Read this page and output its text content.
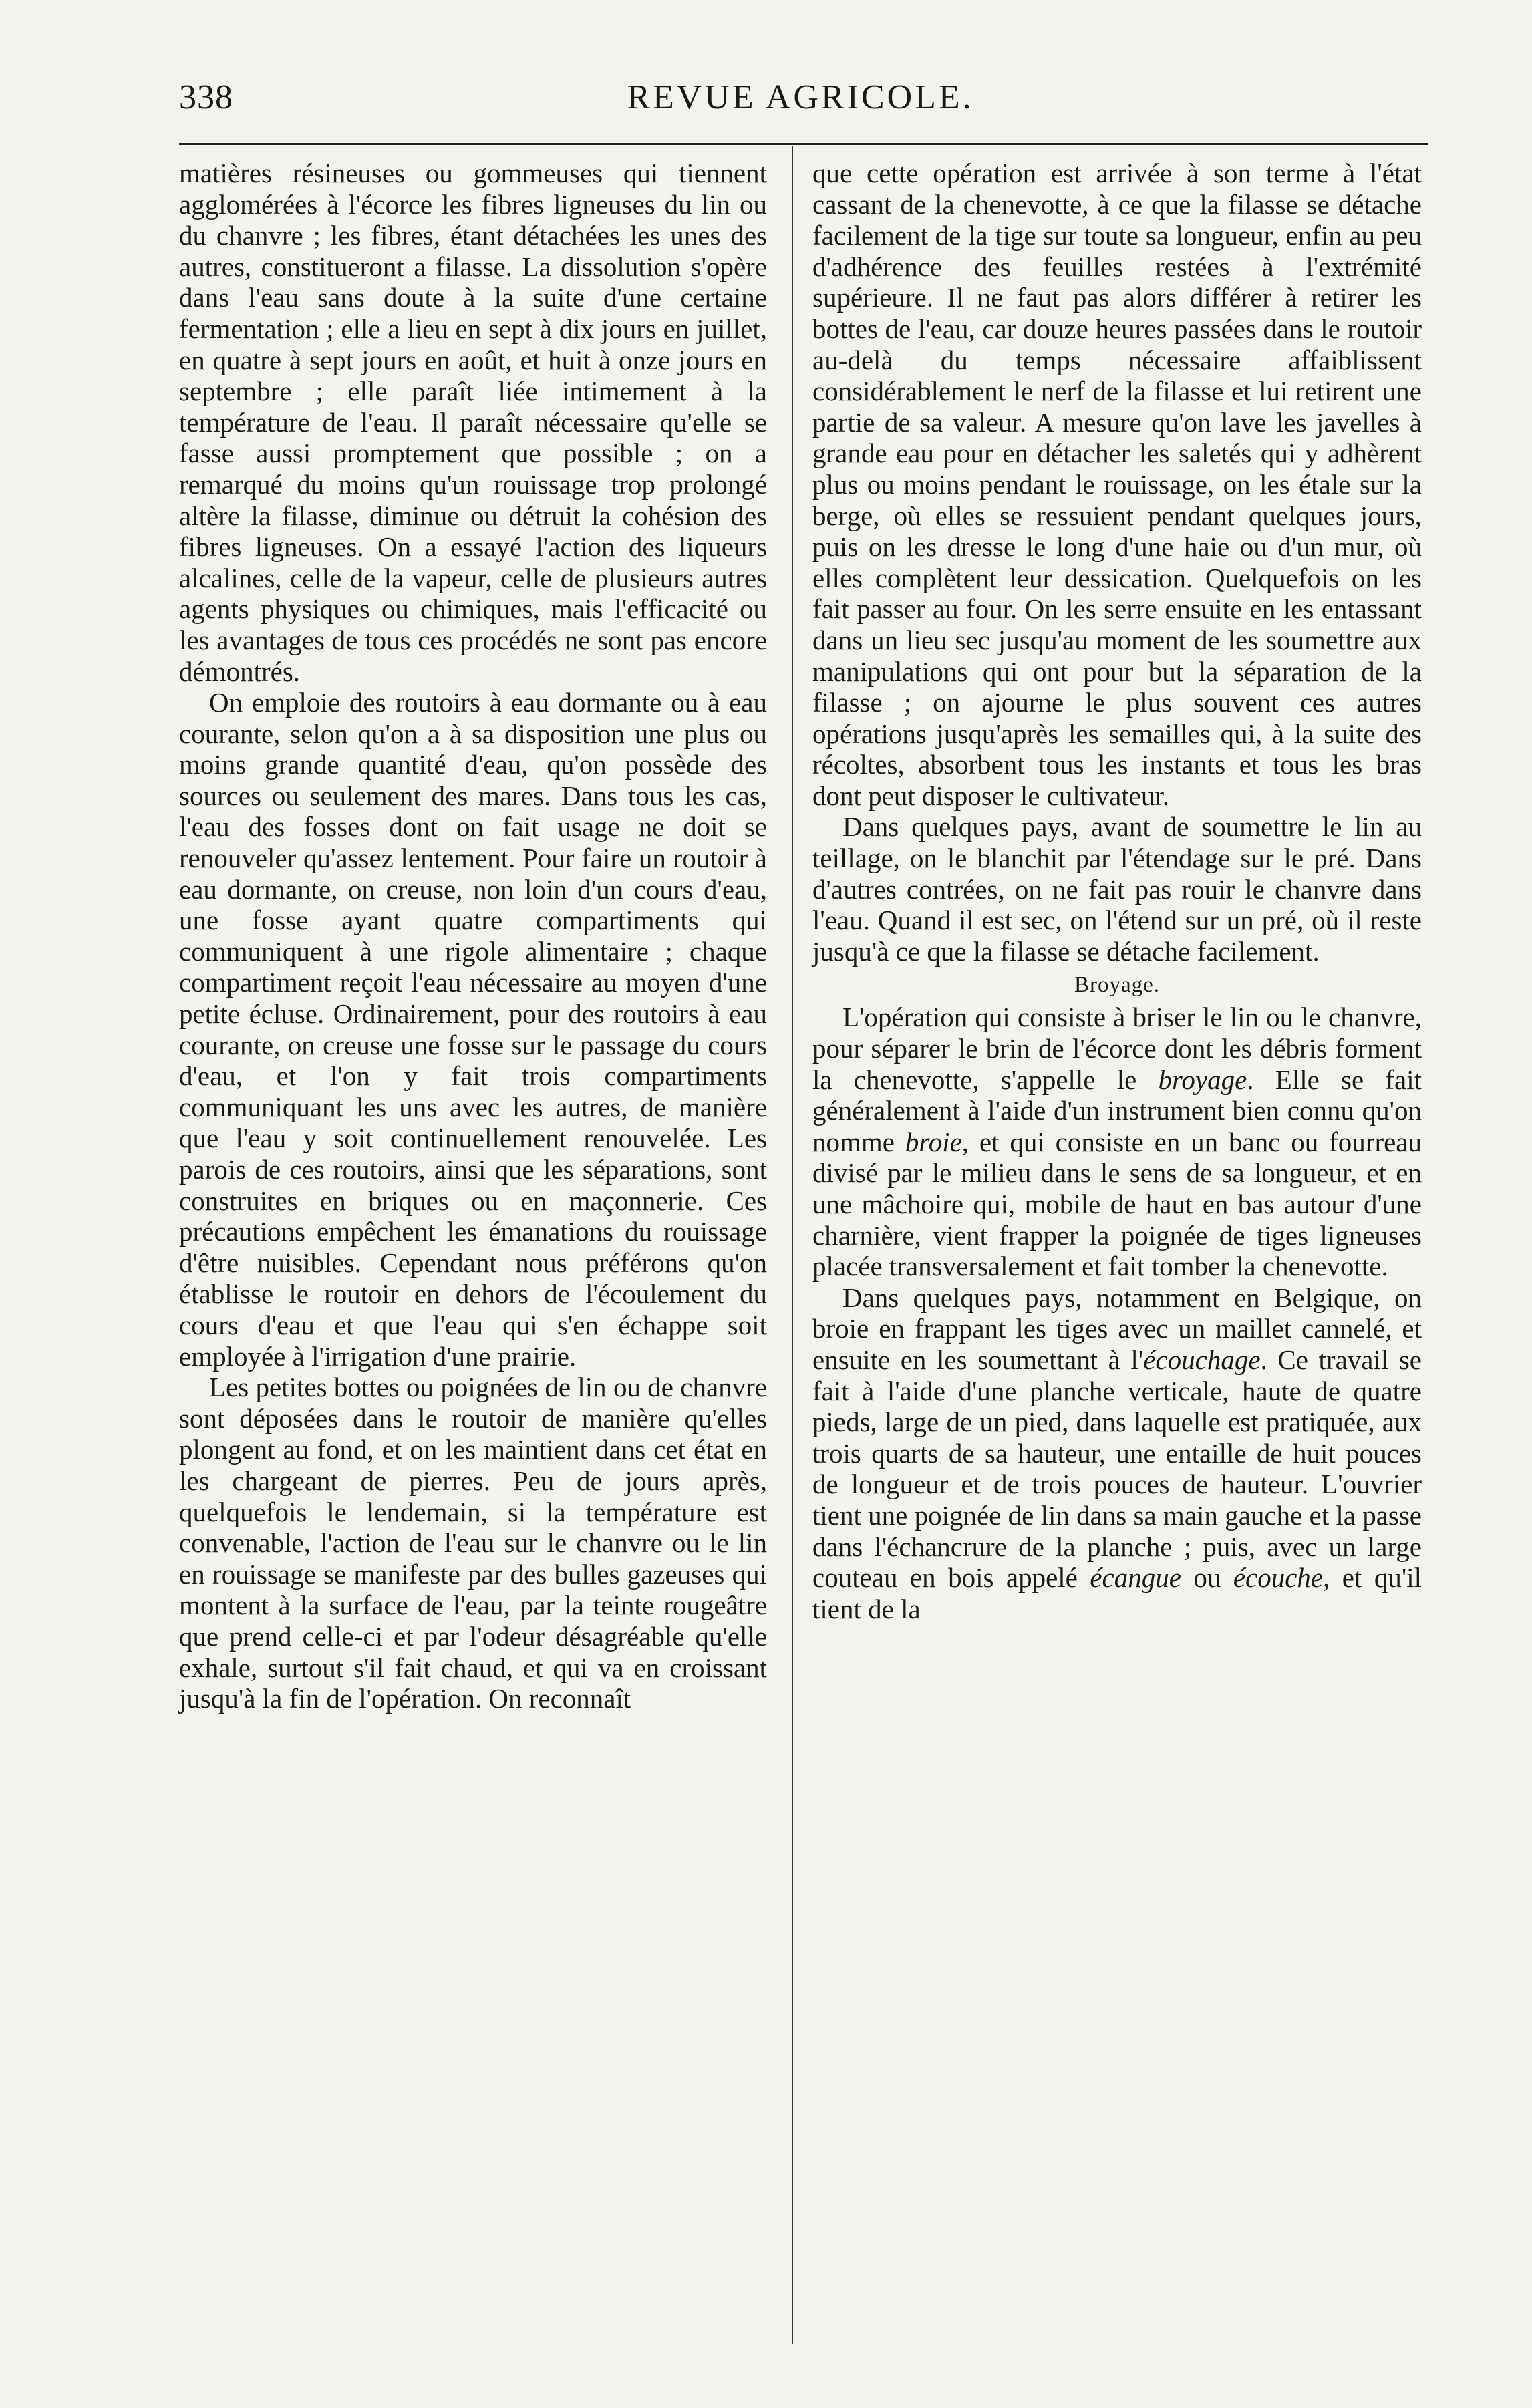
338	REVUE AGRICOLE.

matières résineuses ou gommeuses qui tiennent agglomérées à l'écorce les fibres ligneuses du lin ou du chanvre ; les fibres, étant détachées les unes des autres, constitueront a filasse. La dissolution s'opère dans l'eau sans doute à la suite d'une certaine fermentation ; elle a lieu en sept à dix jours en juillet, en quatre à sept jours en août, et huit à onze jours en septembre ; elle paraît liée intimement à la température de l'eau. Il paraît nécessaire qu'elle se fasse aussi promptement que possible ; on a remarqué du moins qu'un rouissage trop prolongé altère la filasse, diminue ou détruit la cohésion des fibres ligneuses. On a essayé l'action des liqueurs alcalines, celle de la vapeur, celle de plusieurs autres agents physiques ou chimiques, mais l'efficacité ou les avantages de tous ces procédés ne sont pas encore démontrés.

On emploie des routoirs à eau dormante ou à eau courante, selon qu'on a à sa disposition une plus ou moins grande quantité d'eau, qu'on possède des sources ou seulement des mares. Dans tous les cas, l'eau des fosses dont on fait usage ne doit se renouveler qu'assez lentement. Pour faire un routoir à eau dormante, on creuse, non loin d'un cours d'eau, une fosse ayant quatre compartiments qui communiquent à une rigole alimentaire ; chaque compartiment reçoit l'eau nécessaire au moyen d'une petite écluse. Ordinairement, pour des routoirs à eau courante, on creuse une fosse sur le passage du cours d'eau, et l'on y fait trois compartiments communiquant les uns avec les autres, de manière que l'eau y soit continuellement renouvelée. Les parois de ces routoirs, ainsi que les séparations, sont construites en briques ou en maçonnerie. Ces précautions empêchent les émanations du rouissage d'être nuisibles. Cependant nous préférons qu'on établisse le routoir en dehors de l'écoulement du cours d'eau et que l'eau qui s'en échappe soit employée à l'irrigation d'une prairie.

Les petites bottes ou poignées de lin ou de chanvre sont déposées dans le routoir de manière qu'elles plongent au fond, et on les maintient dans cet état en les chargeant de pierres. Peu de jours après, quelquefois le lendemain, si la température est convenable, l'action de l'eau sur le chanvre ou le lin en rouissage se manifeste par des bulles gazeuses qui montent à la surface de l'eau, par la teinte rougeâtre que prend celle-ci et par l'odeur désagréable qu'elle exhale, surtout s'il fait chaud, et qui va en croissant jusqu'à la fin de l'opération. On reconnaît

que cette opération est arrivée à son terme à l'état cassant de la chenevotte, à ce que la filasse se détache facilement de la tige sur toute sa longueur, enfin au peu d'adhérence des feuilles restées à l'extrémité supérieure. Il ne faut pas alors différer à retirer les bottes de l'eau, car douze heures passées dans le routoir au-delà du temps nécessaire affaiblissent considérablement le nerf de la filasse et lui retirent une partie de sa valeur. A mesure qu'on lave les javelles à grande eau pour en détacher les saletés qui y adhèrent plus ou moins pendant le rouissage, on les étale sur la berge, où elles se ressuient pendant quelques jours, puis on les dresse le long d'une haie ou d'un mur, où elles complètent leur dessication. Quelquefois on les fait passer au four. On les serre ensuite en les entassant dans un lieu sec jusqu'au moment de les soumettre aux manipulations qui ont pour but la séparation de la filasse ; on ajourne le plus souvent ces autres opérations jusqu'après les semailles qui, à la suite des récoltes, absorbent tous les instants et tous les bras dont peut disposer le cultivateur.

Dans quelques pays, avant de soumettre le lin au teillage, on le blanchit par l'étendage sur le pré. Dans d'autres contrées, on ne fait pas rouir le chanvre dans l'eau. Quand il est sec, on l'étend sur un pré, où il reste jusqu'à ce que la filasse se détache facilement.

Broyage.

L'opération qui consiste à briser le lin ou le chanvre, pour séparer le brin de l'écorce dont les débris forment la chenevotte, s'appelle le broyage. Elle se fait généralement à l'aide d'un instrument bien connu qu'on nomme broie, et qui consiste en un banc ou fourreau divisé par le milieu dans le sens de sa longueur, et en une mâchoire qui, mobile de haut en bas autour d'une charnière, vient frapper la poignée de tiges ligneuses placée transversalement et fait tomber la chenevotte.

Dans quelques pays, notamment en Belgique, on broie en frappant les tiges avec un maillet cannelé, et ensuite en les soumettant à l'écouchage. Ce travail se fait à l'aide d'une planche verticale, haute de quatre pieds, large de un pied, dans laquelle est pratiquée, aux trois quarts de sa hauteur, une entaille de huit pouces de longueur et de trois pouces de hauteur. L'ouvrier tient une poignée de lin dans sa main gauche et la passe dans l'échancrure de la planche ; puis, avec un large couteau en bois appelé écangue ou écouche, et qu'il tient de la
